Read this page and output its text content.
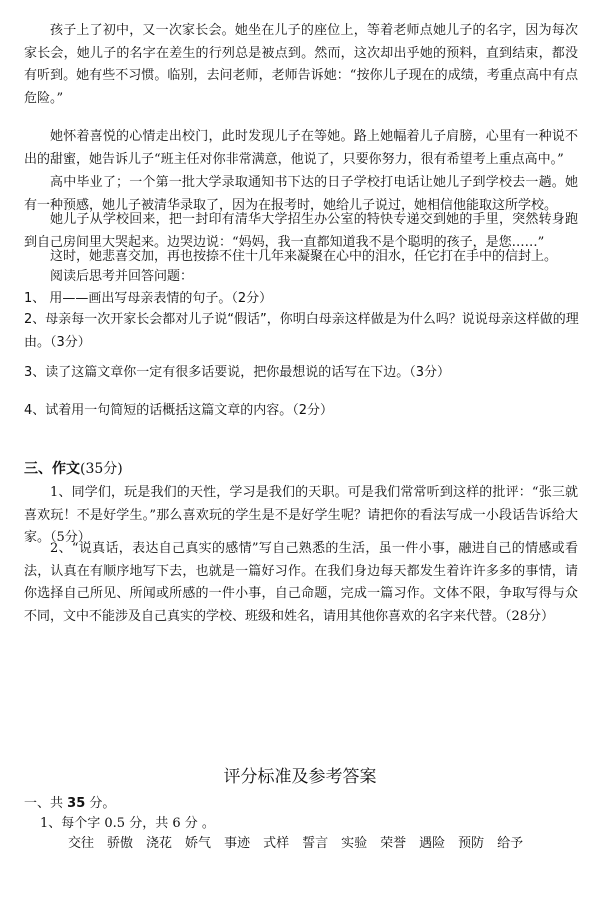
孩子上了初中，又一次家长会。她坐在儿子的座位上，等着老师点她儿子的名字，因为每次家长会，她儿子的名字在差生的行列总是被点到。然而，这次却出乎她的预料，直到结束，都没有听到。她有些不习惯。临别，去问老师，老师告诉她：“按你儿子现在的成绩，考重点高中有点危险。”

她怀着喜悦的心情走出校门，此时发现儿子在等她。路上她幅着儿子肩膀，心里有一种说不出的甜蜜，她告诉儿子“班主任对你非常满意，他说了，只要你努力，很有希望考上重点高中。”

高中毕业了；一个第一批大学录取通知书下达的日子学校打电话让她儿子到学校去一趟。她有一种预感，她儿子被清华录取了，因为在报考时，她给儿子说过，她相信他能取这所学校。

她儿子从学校回来，把一封印有清华大学招生办公室的特快专递交到她的手里，突然转身跑到自己房间里大哭起来。边哭边说：“妈妈，我一直都知道我不是个聪明的孩子，是您……”

这时，她悲喜交加，再也按捺不住十几年来凝聚在心中的泪水，任它打在手中的信封上。

阅读后思考并回答问题：

1、 用——画出写母亲表情的句子。（2分）

2、母亲每一次开家长会都对儿子说“假话”，你明白母亲这样做是为什么吗？说说母亲这样做的理由。（3分）

3、读了这篇文章你一定有很多话要说，把你最想说的话写在下边。（3分）

4、试着用一句简短的话概括这篇文章的内容。（2分）

三、作文(35分)

1、同学们，玩是我们的天性，学习是我们的天职。可是我们常常听到这样的批评：“张三就喜欢玩！不是好学生。”那么喜欢玩的学生是不是好学生呢？请把你的看法写成一小段话告诉给大家。（5分）

2、“说真话，表达自己真实的感情”写自己熟悉的生活，虽一件小事，融进自己的情感或看法，认真在有顺序地写下去，也就是一篇好习作。在我们身边每天都发生着许许多多的事情，请你选择自己所见、所闻或所感的一件小事，自己命题，完成一篇习作。文体不限，争取写得与众不同，文中不能涉及自己真实的学校、班级和姓名，请用其他你喜欢的名字来代替。（28分）

评分标准及参考答案

一、共 35 分。

1、每个字 0.5 分，共 6 分 。

交往 骄傲 浇花 娇气 事迹 式样 誓言 实验 荣誉 遇险 预防 给予
